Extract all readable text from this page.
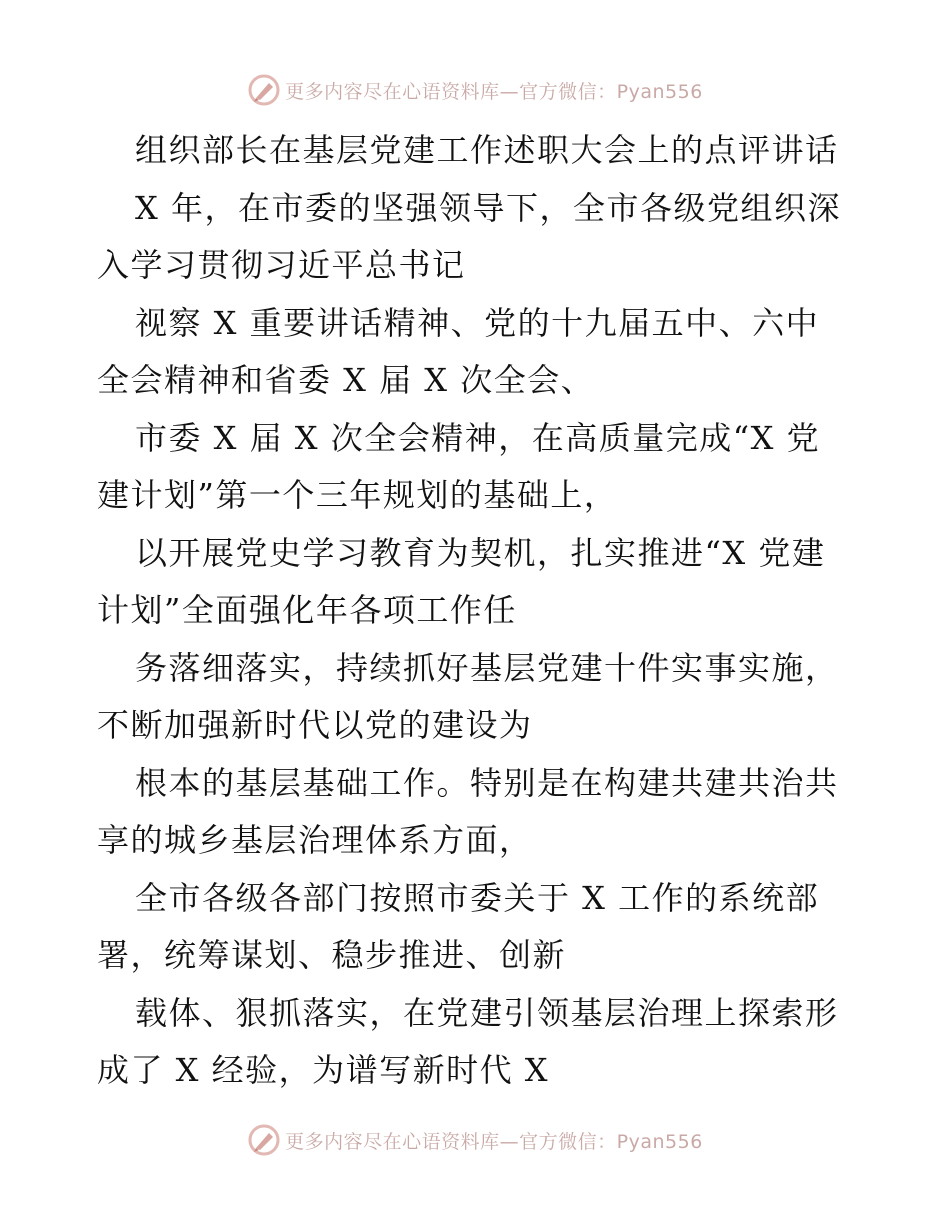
更多内容尽在心语资料库—官方微信：Pyan556
组织部长在基层党建工作述职大会上的点评讲话
X 年，在市委的坚强领导下，全市各级党组织深
入学习贯彻习近平总书记
视察 X 重要讲话精神、党的十九届五中、六中
全会精神和省委 X 届 X 次全会、
市委 X 届 X 次全会精神，在高质量完成“X 党
建计划”第一个三年规划的基础上，
以开展党史学习教育为契机，扎实推进“X 党建
计划”全面强化年各项工作任
务落细落实，持续抓好基层党建十件实事实施，
不断加强新时代以党的建设为
根本的基层基础工作。特别是在构建共建共治共
享的城乡基层治理体系方面，
全市各级各部门按照市委关于 X 工作的系统部
署，统筹谋划、稳步推进、创新
载体、狠抓落实，在党建引领基层治理上探索形
成了 X 经验，为谱写新时代 X
更多内容尽在心语资料库—官方微信：Pyan556
